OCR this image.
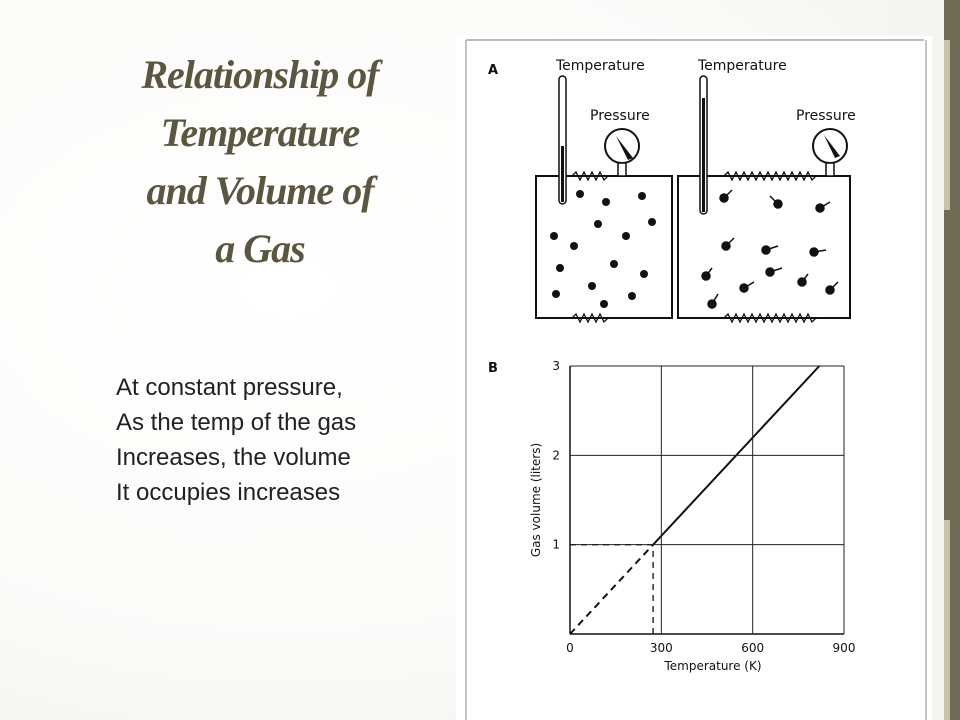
Relationship of
Temperature
and Volume of
a Gas
At constant pressure,
As the temp of the gas
Increases, the volume
It occupies increases
A	Temperature
Pressure
Temperature
Pressure
B	3
2
1
900
600
300
0
Gas volume (liters)
Temperature (K)
